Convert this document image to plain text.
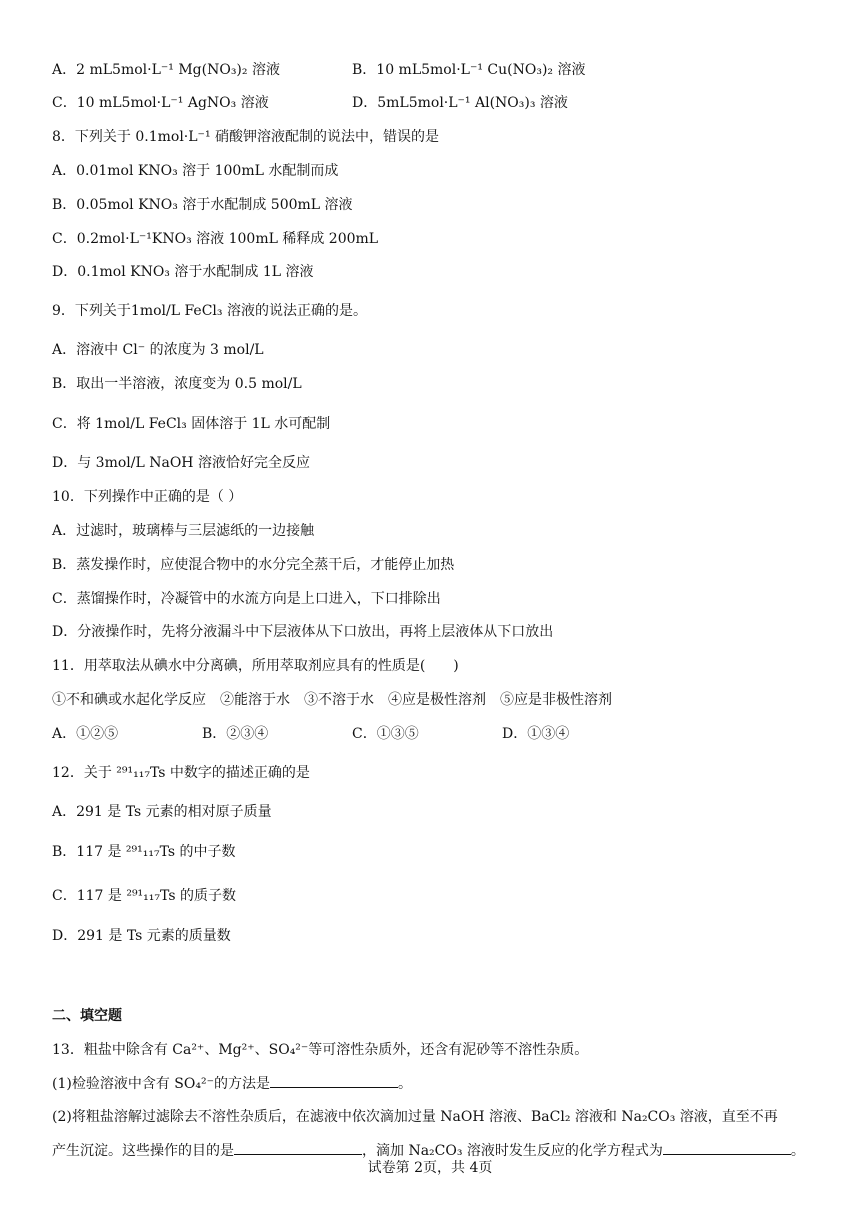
A．2 mL5mol·L⁻¹ Mg(NO₃)₂ 溶液	B．10 mL5mol·L⁻¹ Cu(NO₃)₂ 溶液
C．10 mL5mol·L⁻¹ AgNO₃ 溶液	D．5mL5mol·L⁻¹ Al(NO₃)₃ 溶液
8．下列关于 0.1mol·L⁻¹ 硝酸钾溶液配制的说法中，错误的是
A．0.01mol KNO₃ 溶于 100mL 水配制而成
B．0.05mol KNO₃ 溶于水配制成 500mL 溶液
C．0.2mol·L⁻¹KNO₃ 溶液 100mL 稀释成 200mL
D．0.1mol KNO₃ 溶于水配制成 1L 溶液
9．下列关于1mol/L FeCl₃ 溶液的说法正确的是。
A．溶液中 Cl⁻ 的浓度为 3 mol/L
B．取出一半溶液，浓度变为 0.5 mol/L
C．将 1mol/L FeCl₃ 固体溶于 1L 水可配制
D．与 3mol/L NaOH 溶液恰好完全反应
10．下列操作中正确的是（ ）
A．过滤时，玻璃棒与三层滤纸的一边接触
B．蒸发操作时，应使混合物中的水分完全蒸干后，才能停止加热
C．蒸馏操作时，冷凝管中的水流方向是上口进入，下口排除出
D．分液操作时，先将分液漏斗中下层液体从下口放出，再将上层液体从下口放出
11．用萃取法从碘水中分离碘，所用萃取剂应具有的性质是(　　)
①不和碘或水起化学反应　②能溶于水　③不溶于水　④应是极性溶剂　⑤应是非极性溶剂
A．①②⑤	B．②③④	C．①③⑤	D．①③④
12．关于 ²⁹¹₁₁₇Ts 中数字的描述正确的是
A．291 是 Ts 元素的相对原子质量
B．117 是 ²⁹¹₁₁₇Ts 的中子数
C．117 是 ²⁹¹₁₁₇Ts 的质子数
D．291 是 Ts 元素的质量数
二、填空题
13．粗盐中除含有 Ca²⁺、Mg²⁺、SO₄²⁻等可溶性杂质外，还含有泥砂等不溶性杂质。
(1)检验溶液中含有 SO₄²⁻的方法是	。
(2)将粗盐溶解过滤除去不溶性杂质后，在滤液中依次滴加过量 NaOH 溶液、BaCl₂ 溶液和 Na₂CO₃ 溶液，直至不再
产生沉淀。这些操作的目的是	，滴加 Na₂CO₃ 溶液时发生反应的化学方程式为	。
试卷第 2页，共 4页
